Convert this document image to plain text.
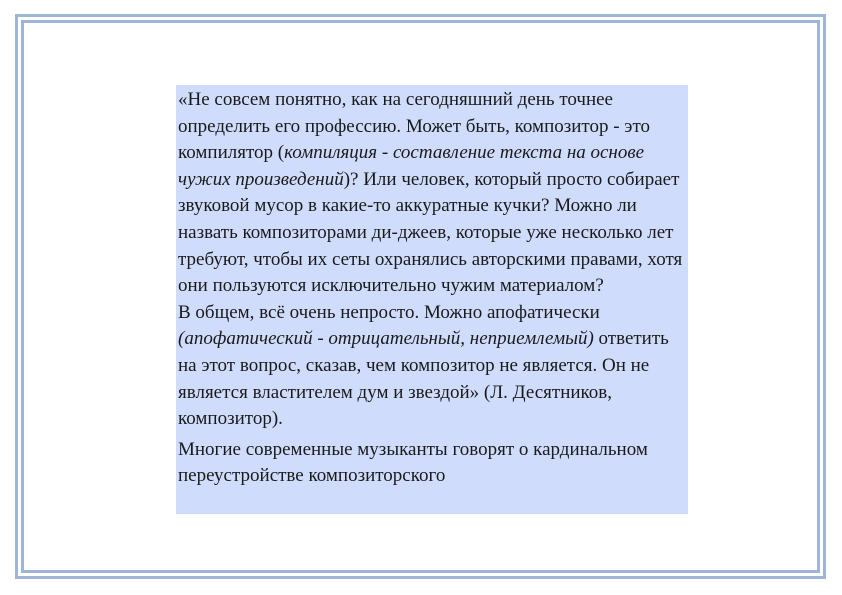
«Не совсем понятно, как на сегодняшний день точнее определить его профессию. Может быть, композитор - это компилятор (компиляция - составление текста на основе чужих произведений)? Или человек, который просто собирает звуковой мусор в какие-то аккуратные кучки? Можно ли назвать композиторами ди-джеев, которые уже несколько лет требуют, чтобы их сеты охранялись авторскими правами, хотя они пользуются исключительно чужим материалом?

В общем, всё очень непросто. Можно апофатически (апофатический - отрицательный, неприемлемый) ответить на этот вопрос, сказав, чем композитор не является. Он не является властителем дум и звездой» (Л. Десятников, композитор).

Многие современные музыканты говорят о кардинальном переустройстве композиторского
